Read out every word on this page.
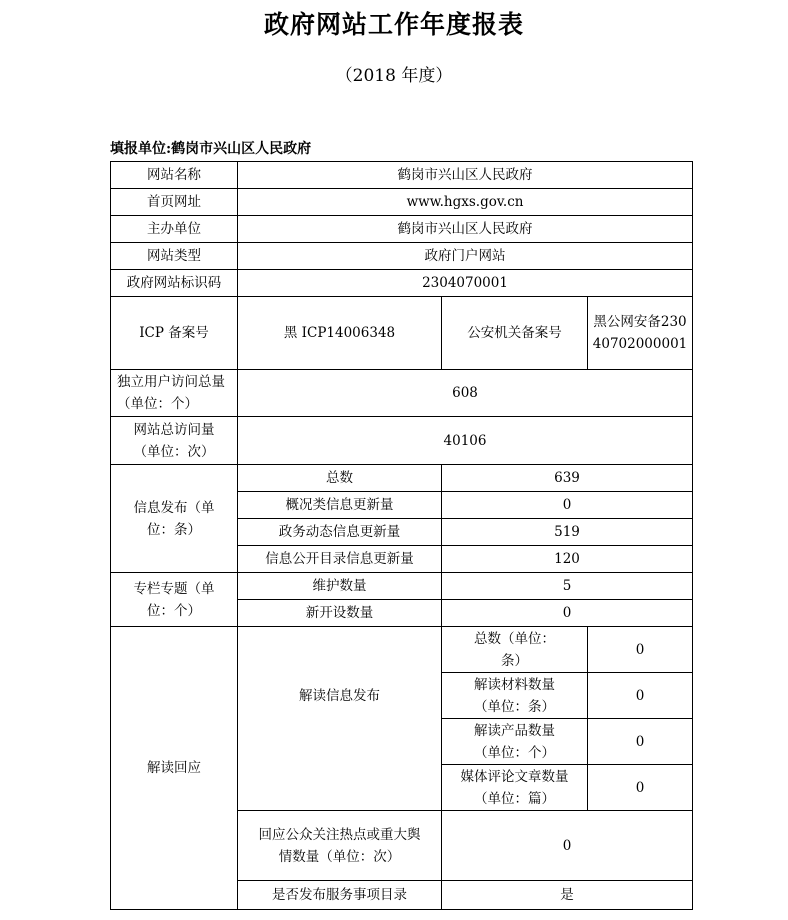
政府网站工作年度报表
（2018 年度）
填报单位:鹤岗市兴山区人民政府
网站名称	鹤岗市兴山区人民政府		
首页网址	www.hgxs.gov.cn		
主办单位	鹤岗市兴山区人民政府		
网站类型	政府门户网站		
政府网站标识码	2304070001		
ICP 备案号	黑 ICP14006348	公安机关备案号	黑公网安备23040702000001
独立用户访问总量（单位：个）	608		
网站总访问量（单位：次）	40106		
信息发布（单位：条）	总数	639	
	概况类信息更新量	0	
	政务动态信息更新量	519	
	信息公开目录信息更新量	120	
专栏专题（单位：个）	维护数量	5	
	新开设数量	0	
解读回应	解读信息发布	总数（单位：条）	0
		解读材料数量（单位：条）	0
		解读产品数量（单位：个）	0
		媒体评论文章数量（单位：篇）	0
	回应公众关注热点或重大舆情数量（单位：次）	0	
	是否发布服务事项目录	是	
